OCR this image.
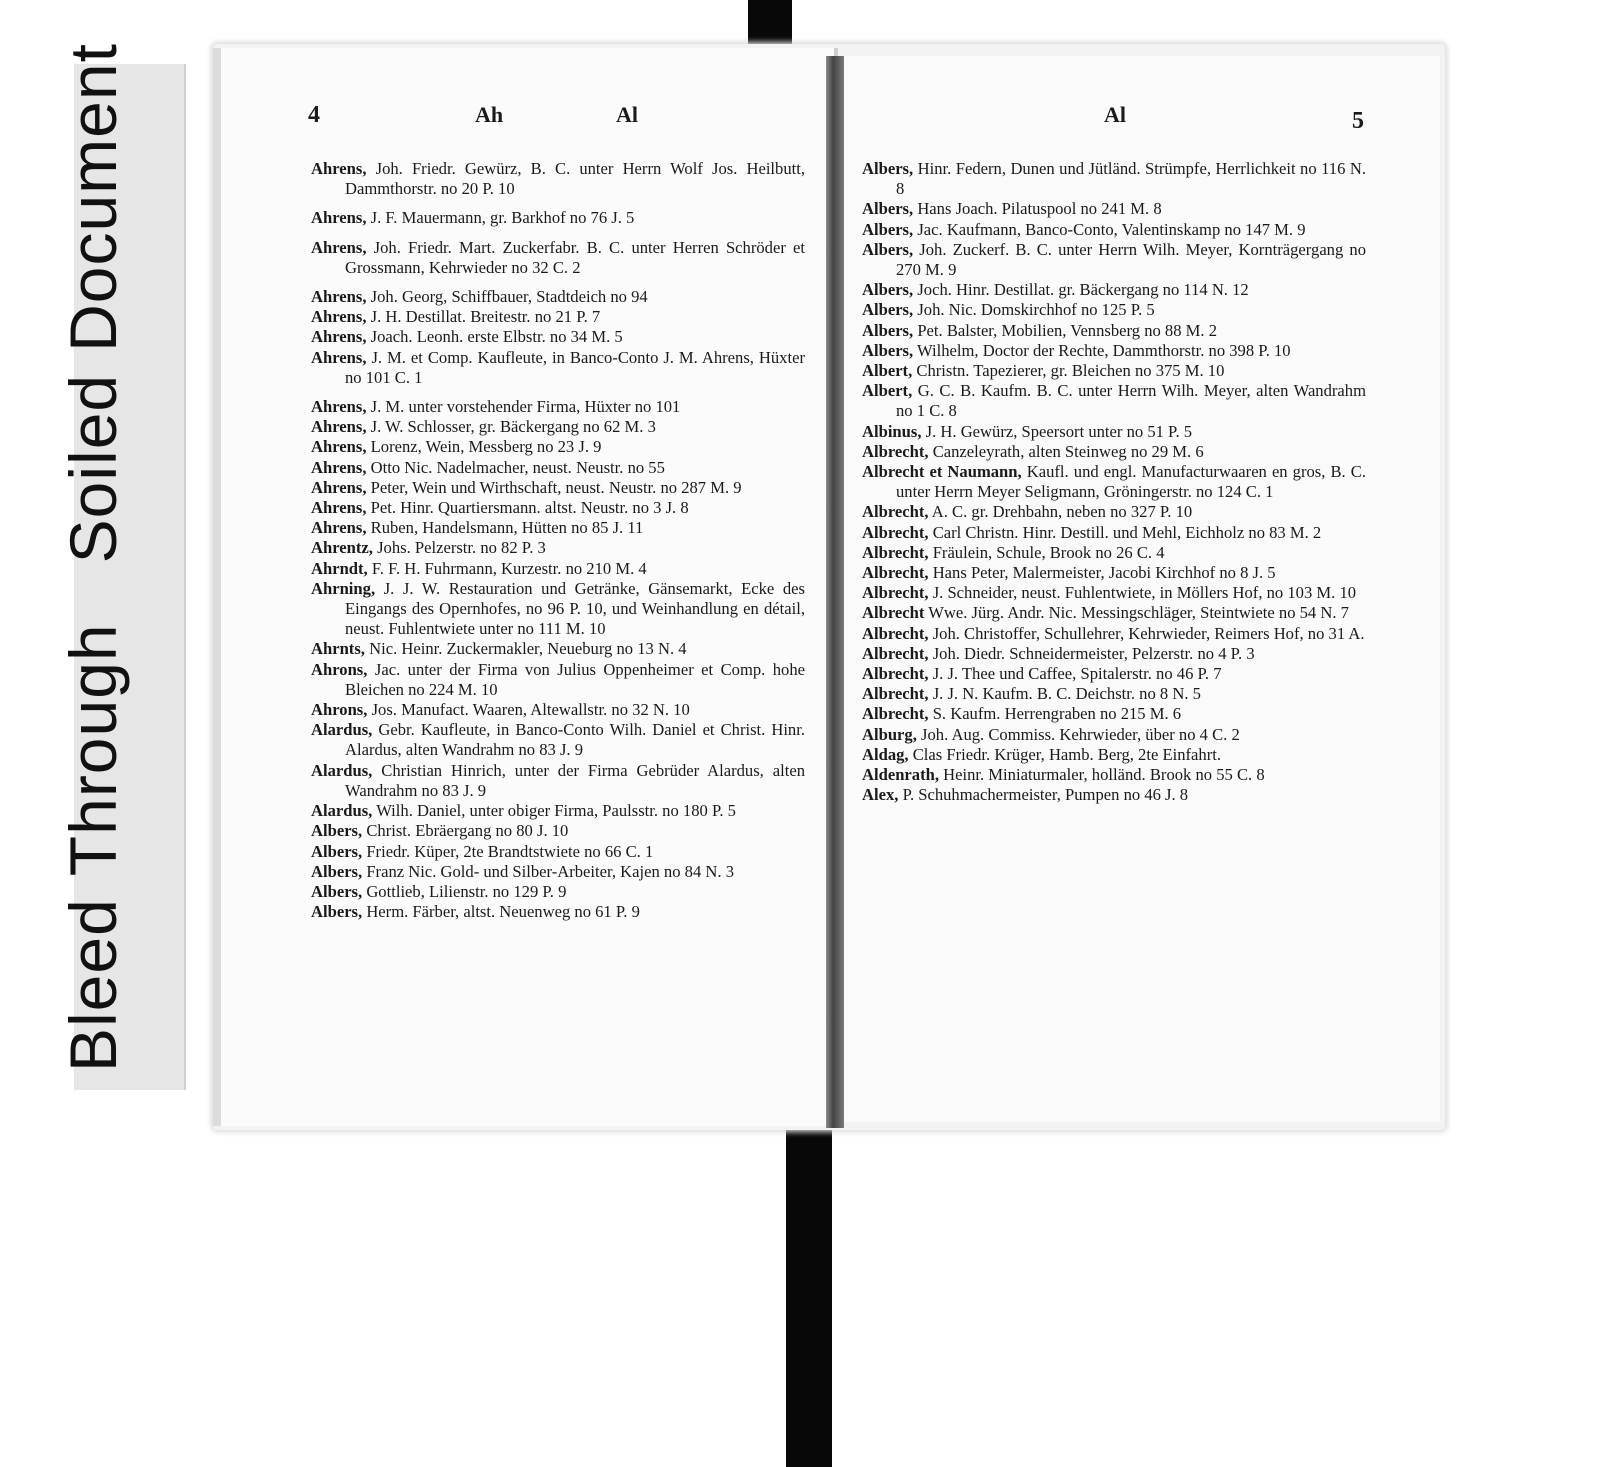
BleedThroughSoiledDocument	4	Ah	Al	Al	5
Ahrens, Joh. Friedr. Gewürz, B. C. unter Herrn Wolf Jos. Heilbutt, Dammthorstr. no 20 P. 10
Ahrens, J. F. Mauermann, gr. Barkhof no 76 J. 5
Ahrens, Joh. Friedr. Mart. Zuckerfabr. B. C. unter Herren Schröder et Grossmann, Kehrwieder no 32 C. 2
Ahrens, Joh. Georg, Schiffbauer, Stadtdeich no 94
Ahrens, J. H. Destillat. Breitestr. no 21 P. 7
Ahrens, Joach. Leonh. erste Elbstr. no 34 M. 5
Ahrens, J. M. et Comp. Kaufleute, in Banco-Conto J. M. Ahrens, Hüxter no 101 C. 1
Ahrens, J. M. unter vorstehender Firma, Hüxter no 101
Ahrens, J. W. Schlosser, gr. Bäckergang no 62 M. 3
Ahrens, Lorenz, Wein, Messberg no 23 J. 9
Ahrens, Otto Nic. Nadelmacher, neust. Neustr. no 55
Ahrens, Peter, Wein und Wirthschaft, neust. Neustr. no 287 M. 9
Ahrens, Pet. Hinr. Quartiersmann. altst. Neustr. no 3 J. 8
Ahrens, Ruben, Handelsmann, Hütten no 85 J. 11
Ahrentz, Johs. Pelzerstr. no 82 P. 3
Ahrndt, F. F. H. Fuhrmann, Kurzestr. no 210 M. 4
Ahrning, J. J. W. Restauration und Getränke, Gänsemarkt, Ecke des Eingangs des Opernhofes, no 96 P. 10, und Weinhandlung en détail, neust. Fuhlentwiete unter no 111 M. 10
Ahrnts, Nic. Heinr. Zuckermakler, Neueburg no 13 N. 4
Ahrons, Jac. unter der Firma von Julius Oppenheimer et Comp. hohe Bleichen no 224 M. 10
Ahrons, Jos. Manufact. Waaren, Altewallstr. no 32 N. 10
Alardus, Gebr. Kaufleute, in Banco-Conto Wilh. Daniel et Christ. Hinr. Alardus, alten Wandrahm no 83 J. 9
Alardus, Christian Hinrich, unter der Firma Gebrüder Alardus, alten Wandrahm no 83 J. 9
Alardus, Wilh. Daniel, unter obiger Firma, Paulsstr. no 180 P. 5
Albers, Christ. Ebräergang no 80 J. 10
Albers, Friedr. Küper, 2te Brandtstwiete no 66 C. 1
Albers, Franz Nic. Gold- und Silber-Arbeiter, Kajen no 84 N. 3
Albers, Gottlieb, Lilienstr. no 129 P. 9
Albers, Herm. Färber, altst. Neuenweg no 61 P. 9
Albers, Hinr. Federn, Dunen und Jütländ. Strümpfe, Herrlichkeit no 116 N. 8
Albers, Hans Joach. Pilatuspool no 241 M. 8
Albers, Jac. Kaufmann, Banco-Conto, Valentinskamp no 147 M. 9
Albers, Joh. Zuckerf. B. C. unter Herrn Wilh. Meyer, Kornträgergang no 270 M. 9
Albers, Joch. Hinr. Destillat. gr. Bäckergang no 114 N. 12
Albers, Joh. Nic. Domskirchhof no 125 P. 5
Albers, Pet. Balster, Mobilien, Vennsberg no 88 M. 2
Albers, Wilhelm, Doctor der Rechte, Dammthorstr. no 398 P. 10
Albert, Christn. Tapezierer, gr. Bleichen no 375 M. 10
Albert, G. C. B. Kaufm. B. C. unter Herrn Wilh. Meyer, alten Wandrahm no 1 C. 8
Albinus, J. H. Gewürz, Speersort unter no 51 P. 5
Albrecht, Canzeleyrath, alten Steinweg no 29 M. 6
Albrecht et Naumann, Kaufl. und engl. Manufacturwaaren en gros, B. C. unter Herrn Meyer Seligmann, Gröningerstr. no 124 C. 1
Albrecht, A. C. gr. Drehbahn, neben no 327 P. 10
Albrecht, Carl Christn. Hinr. Destill. und Mehl, Eichholz no 83 M. 2
Albrecht, Fräulein, Schule, Brook no 26 C. 4
Albrecht, Hans Peter, Malermeister, Jacobi Kirchhof no 8 J. 5
Albrecht, J. Schneider, neust. Fuhlentwiete, in Möllers Hof, no 103 M. 10
Albrecht Wwe. Jürg. Andr. Nic. Messingschläger, Steintwiete no 54 N. 7
Albrecht, Joh. Christoffer, Schullehrer, Kehrwieder, Reimers Hof, no 31 A.
Albrecht, Joh. Diedr. Schneidermeister, Pelzerstr. no 4 P. 3
Albrecht, J. J. Thee und Caffee, Spitalerstr. no 46 P. 7
Albrecht, J. J. N. Kaufm. B. C. Deichstr. no 8 N. 5
Albrecht, S. Kaufm. Herrengraben no 215 M. 6
Alburg, Joh. Aug. Commiss. Kehrwieder, über no 4 C. 2
Aldag, Clas Friedr. Krüger, Hamb. Berg, 2te Einfahrt.
Aldenrath, Heinr. Miniaturmaler, holländ. Brook no 55 C. 8
Alex, P. Schuhmachermeister, Pumpen no 46 J. 8
